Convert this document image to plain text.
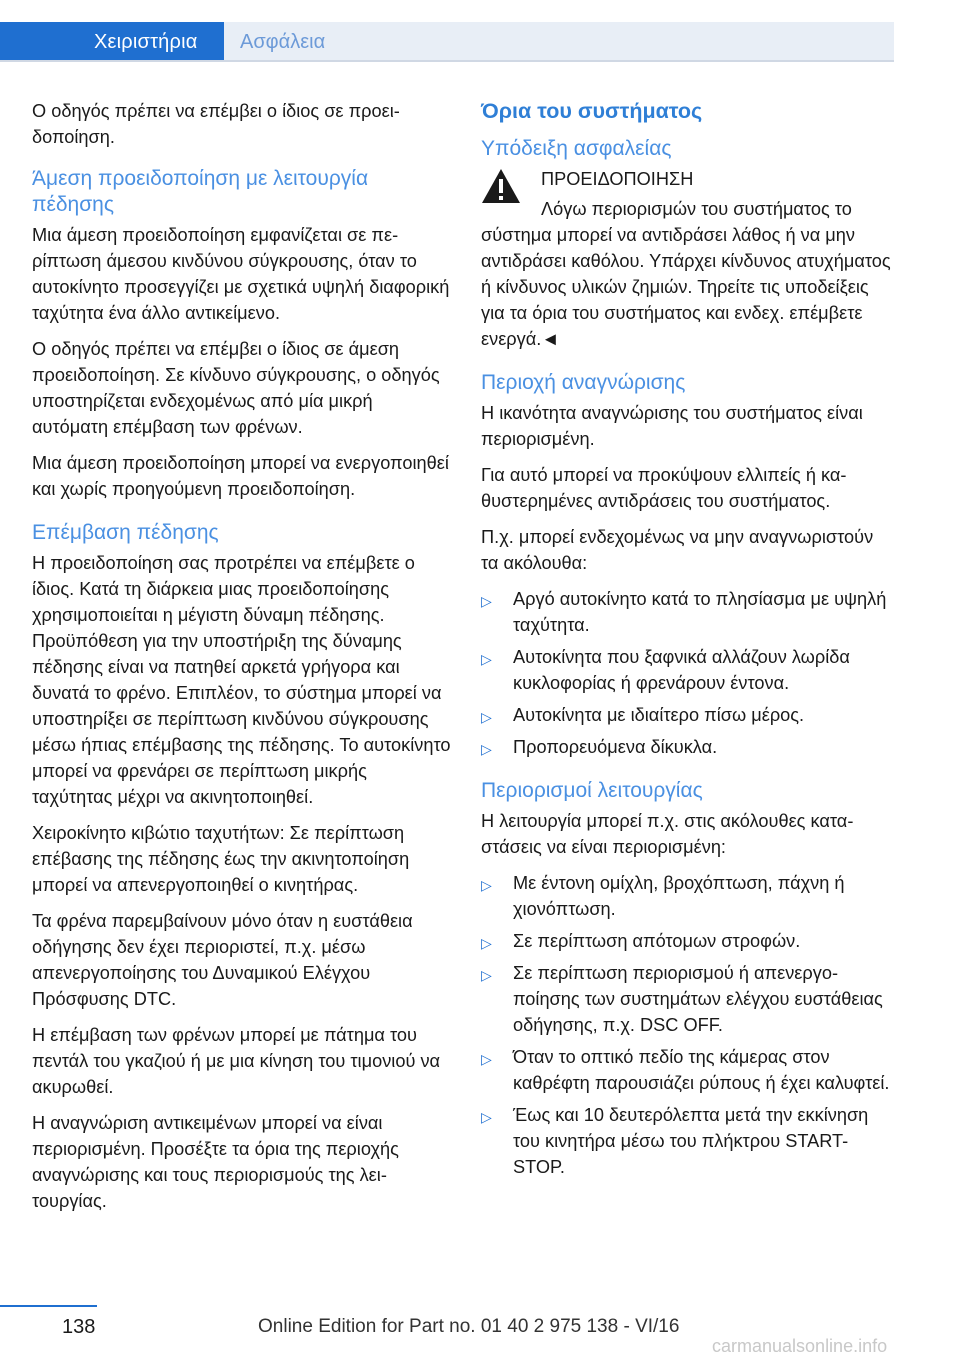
Χειριστήρια	Ασφάλεια

Ο οδηγός πρέπει να επέμβει ο ίδιος σε προειδοποίηση.

Άμεση προειδοποίηση με λειτουργία πέδησης

Μια άμεση προειδοποίηση εμφανίζεται σε περίπτωση άμεσου κινδύνου σύγκρουσης, όταν το αυτοκίνητο προσεγγίζει με σχετικά υψηλή διαφορική ταχύτητα ένα άλλο αντικείμενο.

Ο οδηγός πρέπει να επέμβει ο ίδιος σε άμεση προειδοποίηση. Σε κίνδυνο σύγκρουσης, ο οδηγός υποστηρίζεται ενδεχομένως από μία μικρή αυτόματη επέμβαση των φρένων.

Μια άμεση προειδοποίηση μπορεί να ενεργοποιηθεί και χωρίς προηγούμενη προειδοποίηση.

Επέμβαση πέδησης

Η προειδοποίηση σας προτρέπει να επέμβετε ο ίδιος. Κατά τη διάρκεια μιας προειδοποίησης χρησιμοποιείται η μέγιστη δύναμη πέδησης. Προϋπόθεση για την υποστήριξη της δύναμης πέδησης είναι να πατηθεί αρκετά γρήγορα και δυνατά το φρένο. Επιπλέον, το σύστημα μπορεί να υποστηρίξει σε περίπτωση κινδύνου σύγκρουσης μέσω ήπιας επέμβασης της πέδησης. Το αυτοκίνητο μπορεί να φρενάρει σε περίπτωση μικρής ταχύτητας μέχρι να ακινητοποιηθεί.

Χειροκίνητο κιβώτιο ταχυτήτων: Σε περίπτωση επέβασης της πέδησης έως την ακινητοποίηση μπορεί να απενεργοποιηθεί ο κινητήρας.

Τα φρένα παρεμβαίνουν μόνο όταν η ευστάθεια οδήγησης δεν έχει περιοριστεί, π.χ. μέσω απενεργοποίησης του Δυναμικού Ελέγχου Πρόσφυσης DTC.

Η επέμβαση των φρένων μπορεί με πάτημα του πεντάλ του γκαζιού ή με μια κίνηση του τιμονιού να ακυρωθεί.

Η αναγνώριση αντικειμένων μπορεί να είναι περιορισμένη. Προσέξτε τα όρια της περιοχής αναγνώρισης και τους περιορισμούς της λειτουργίας.

Όρια του συστήματος
Υπόδειξη ασφαλείας
ΠΡΟΕΙΔΟΠΟΙΗΣΗ

Λόγω περιορισμών του συστήματος το σύστημα μπορεί να αντιδράσει λάθος ή να μην αντιδράσει καθόλου. Υπάρχει κίνδυνος ατυχήματος ή κίνδυνος υλικών ζημιών. Τηρείτε τις υποδείξεις για τα όρια του συστήματος και ενδεχ. επέμβετε ενεργά.◄

Περιοχή αναγνώρισης

Η ικανότητα αναγνώρισης του συστήματος είναι περιορισμένη.

Για αυτό μπορεί να προκύψουν ελλιπείς ή καθυστερημένες αντιδράσεις του συστήματος.

Π.χ. μπορεί ενδεχομένως να μην αναγνωριστούν τα ακόλουθα:

▷ Αργό αυτοκίνητο κατά το πλησίασμα με υψηλή ταχύτητα.
▷ Αυτοκίνητα που ξαφνικά αλλάζουν λωρίδα κυκλοφορίας ή φρενάρουν έντονα.
▷ Αυτοκίνητα με ιδιαίτερο πίσω μέρος.
▷ Προπορευόμενα δίκυκλα.
Περιορισμοί λειτουργίας

Η λειτουργία μπορεί π.χ. στις ακόλουθες καταστάσεις να είναι περιορισμένη:

▷ Με έντονη ομίχλη, βροχόπτωση, πάχνη ή χιονόπτωση.
▷ Σε περίπτωση απότομων στροφών.
▷ Σε περίπτωση περιορισμού ή απενεργοποίησης των συστημάτων ελέγχου ευστάθειας οδήγησης, π.χ. DSC OFF.
▷ Όταν το οπτικό πεδίο της κάμερας στον καθρέφτη παρουσιάζει ρύπους ή έχει καλυφτεί.
▷ Έως και 10 δευτερόλεπτα μετά την εκκίνηση του κινητήρα μέσω του πλήκτρου START-STOP.
138	Online Edition for Part no. 01 40 2 975 138 - VI/16
carmanualsonline.info
